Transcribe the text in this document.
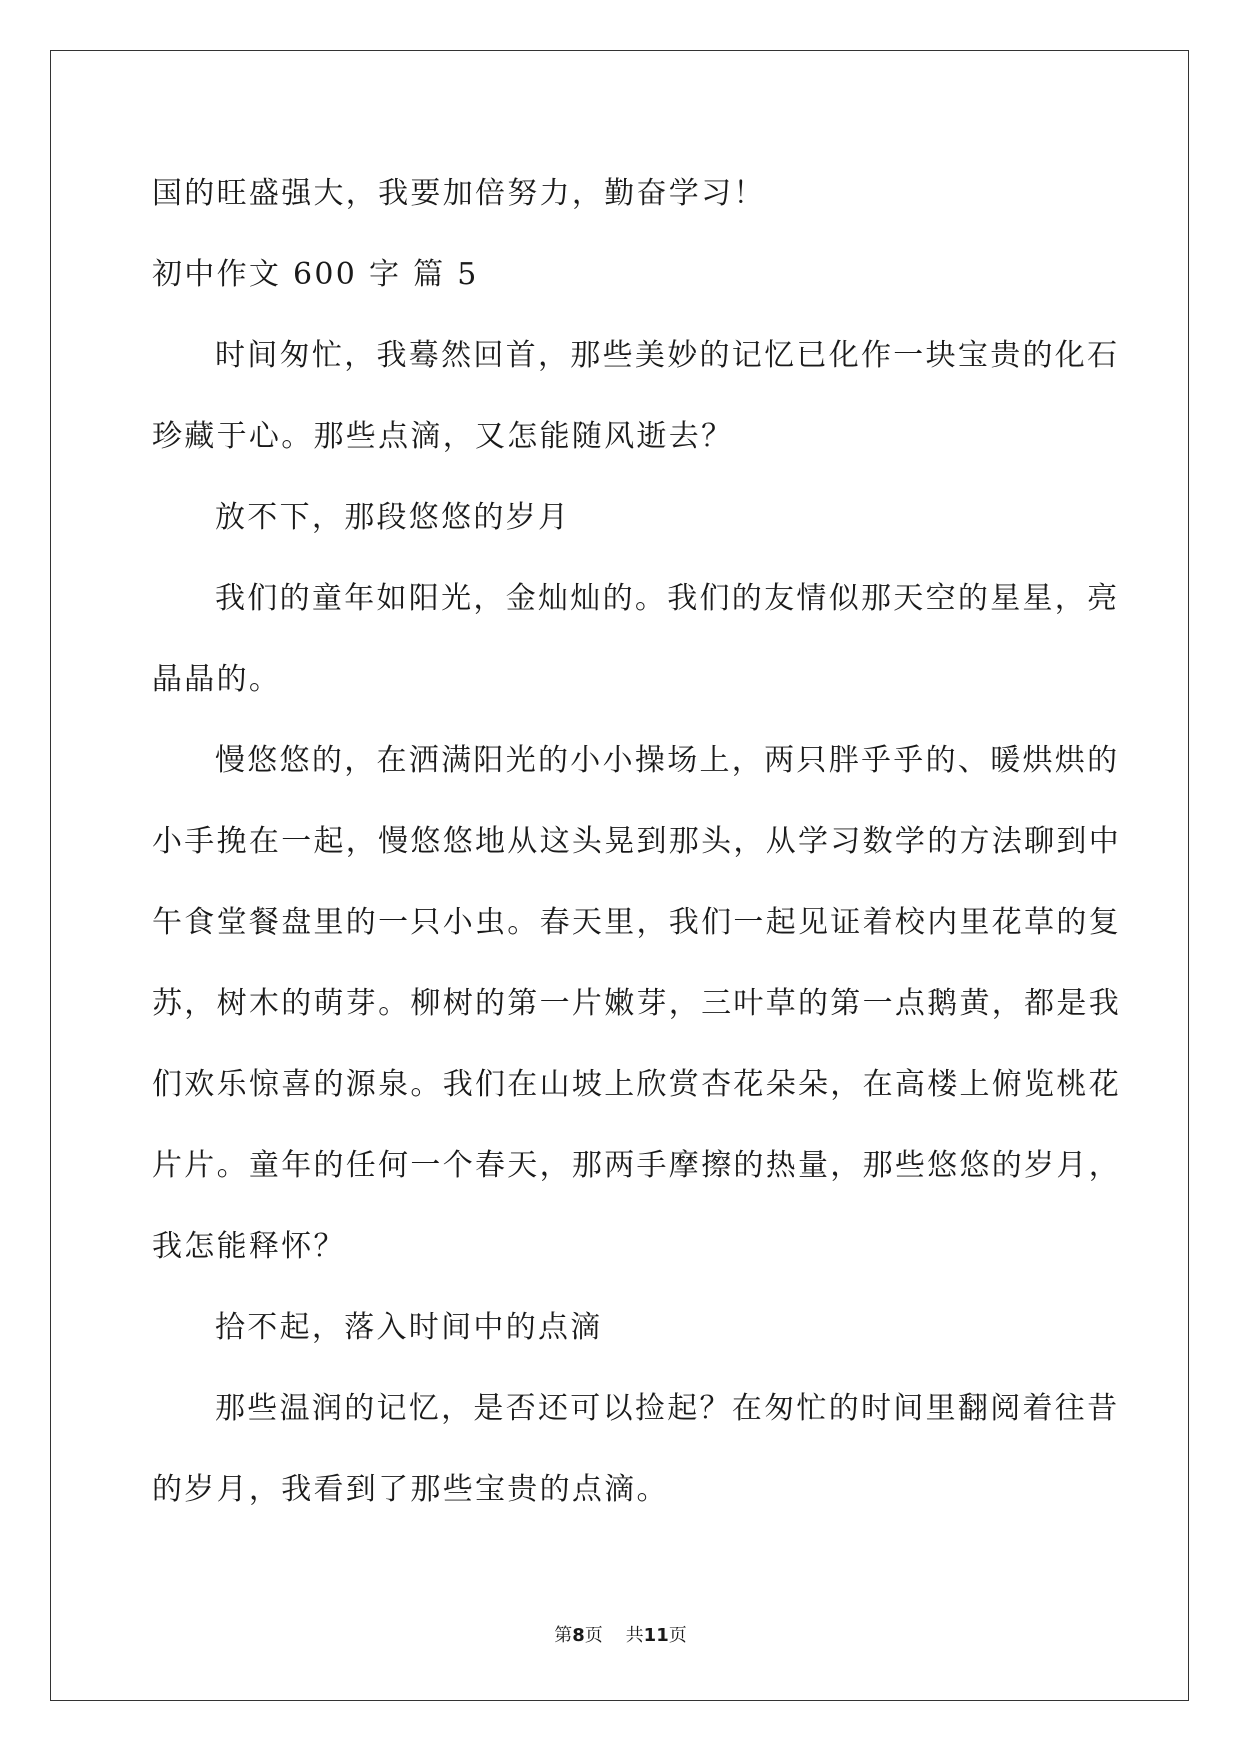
国的旺盛强大，我要加倍努力，勤奋学习！

初中作文 600 字 篇 5

时间匆忙，我蓦然回首，那些美妙的记忆已化作一块宝贵的化石

珍藏于心。那些点滴，又怎能随风逝去？

放不下，那段悠悠的岁月

我们的童年如阳光，金灿灿的。我们的友情似那天空的星星，亮

晶晶的。

慢悠悠的，在洒满阳光的小小操场上，两只胖乎乎的、暖烘烘的

小手挽在一起，慢悠悠地从这头晃到那头，从学习数学的方法聊到中

午食堂餐盘里的一只小虫。春天里，我们一起见证着校内里花草的复

苏，树木的萌芽。柳树的第一片嫩芽，三叶草的第一点鹅黄，都是我

们欢乐惊喜的源泉。我们在山坡上欣赏杏花朵朵，在高楼上俯览桃花

片片。童年的任何一个春天，那两手摩擦的热量，那些悠悠的岁月，

我怎能释怀？

拾不起，落入时间中的点滴

那些温润的记忆，是否还可以捡起？在匆忙的时间里翻阅着往昔

的岁月，我看到了那些宝贵的点滴。

第8页 共11页
